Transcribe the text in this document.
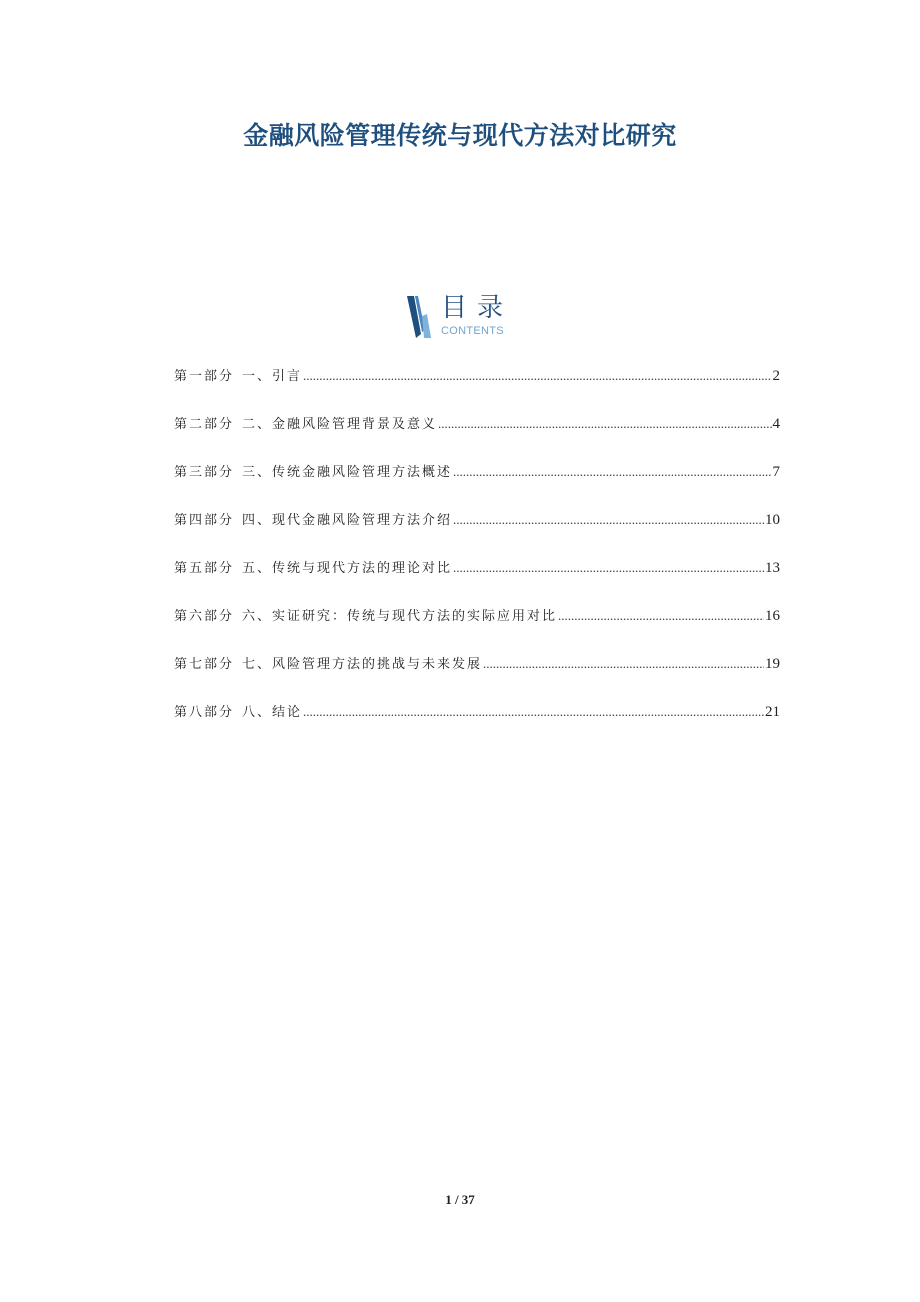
金融风险管理传统与现代方法对比研究
目录
CONTENTS
第一部分 一、引言 .....	2
第二部分 二、金融风险管理背景及意义 .....	4
第三部分 三、传统金融风险管理方法概述 .....	7
第四部分 四、现代金融风险管理方法介绍 .....	10
第五部分 五、传统与现代方法的理论对比 .....	13
第六部分 六、实证研究：传统与现代方法的实际应用对比 .....	16
第七部分 七、风险管理方法的挑战与未来发展 .....	19
第八部分 八、结论 .....	21
1 / 37
